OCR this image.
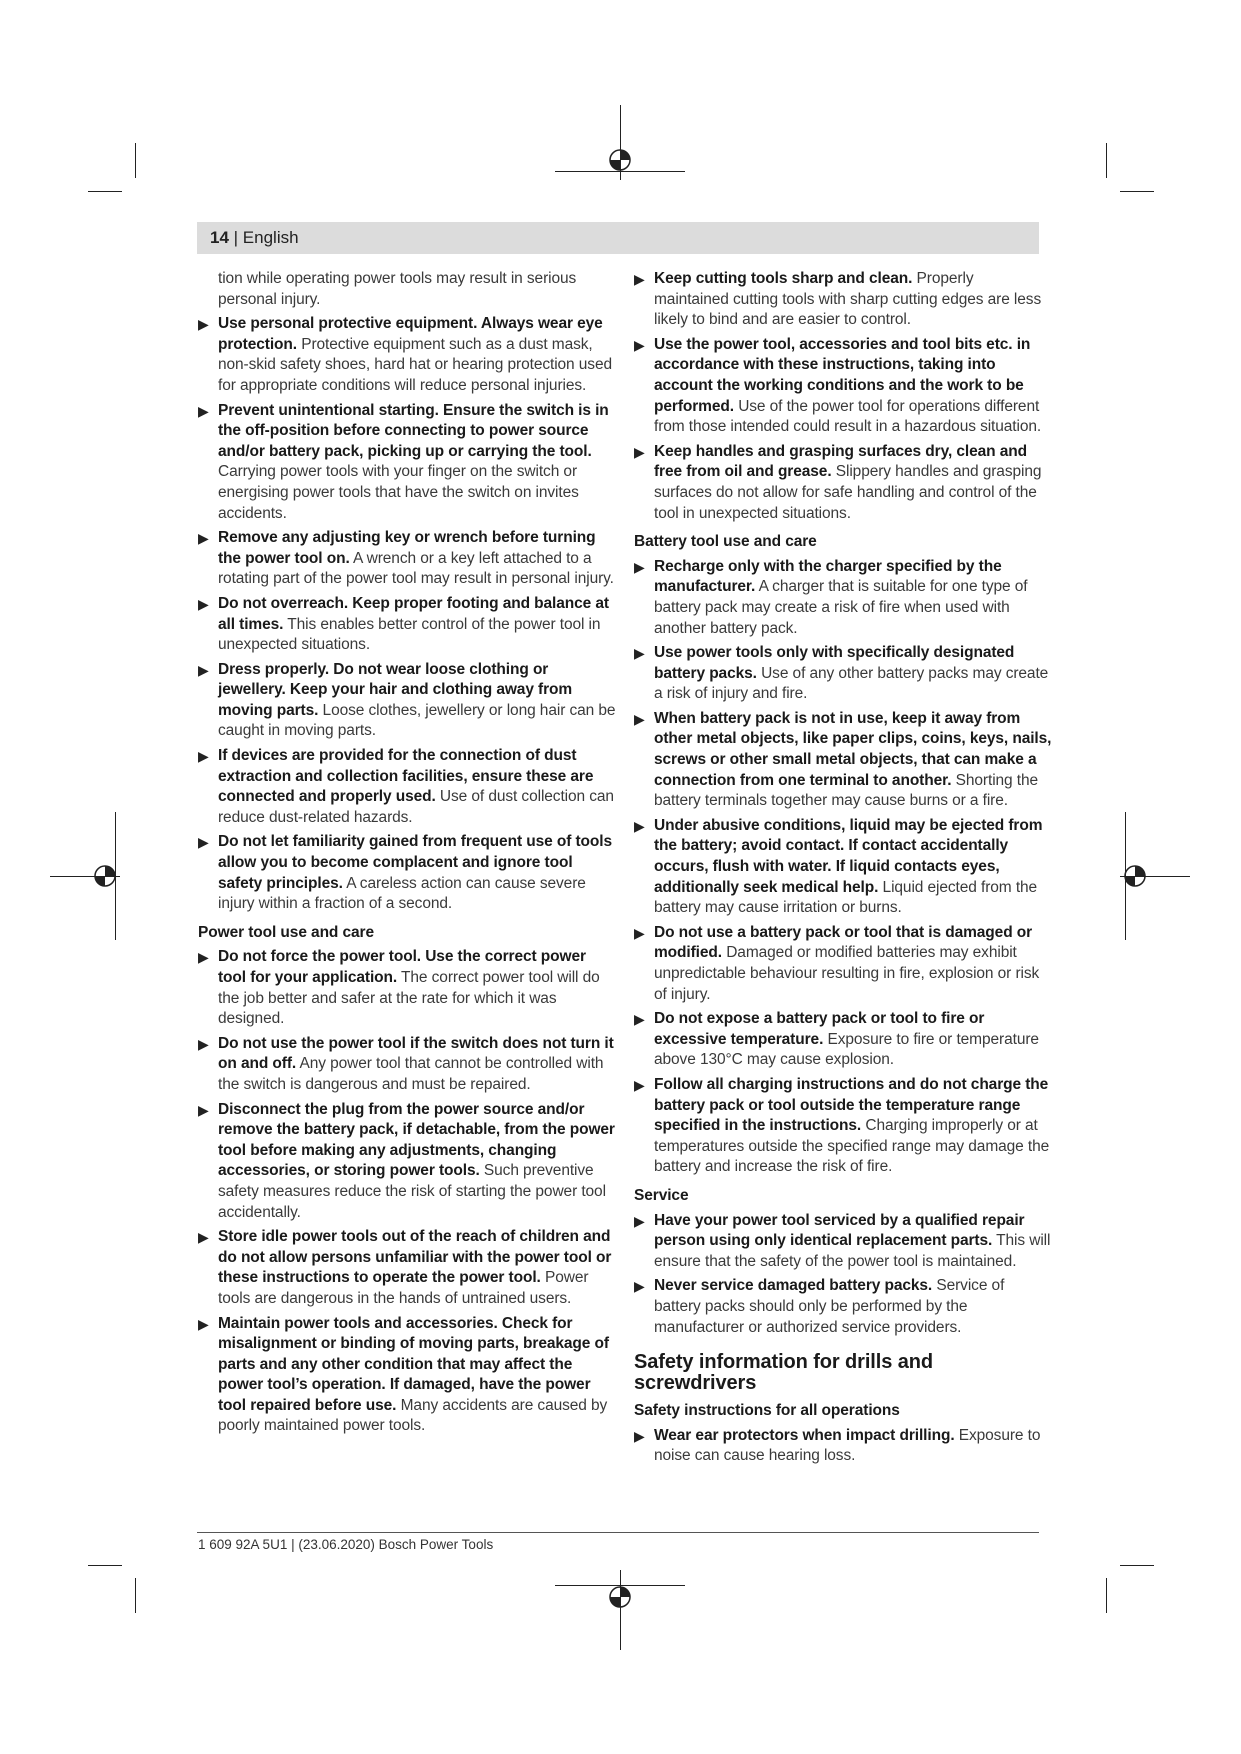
14 | English

tion while operating power tools may result in serious personal injury.

▶ Use personal protective equipment. Always wear eye protection. Protective equipment such as a dust mask, non-skid safety shoes, hard hat or hearing protection used for appropriate conditions will reduce personal injuries.

▶ Prevent unintentional starting. Ensure the switch is in the off-position before connecting to power source and/or battery pack, picking up or carrying the tool. Carrying power tools with your finger on the switch or energising power tools that have the switch on invites accidents.

▶ Remove any adjusting key or wrench before turning the power tool on. A wrench or a key left attached to a rotating part of the power tool may result in personal injury.

▶ Do not overreach. Keep proper footing and balance at all times. This enables better control of the power tool in unexpected situations.

▶ Dress properly. Do not wear loose clothing or jewellery. Keep your hair and clothing away from moving parts. Loose clothes, jewellery or long hair can be caught in moving parts.

▶ If devices are provided for the connection of dust extraction and collection facilities, ensure these are connected and properly used. Use of dust collection can reduce dust-related hazards.

▶ Do not let familiarity gained from frequent use of tools allow you to become complacent and ignore tool safety principles. A careless action can cause severe injury within a fraction of a second.

Power tool use and care

▶ Do not force the power tool. Use the correct power tool for your application. The correct power tool will do the job better and safer at the rate for which it was designed.

▶ Do not use the power tool if the switch does not turn it on and off. Any power tool that cannot be controlled with the switch is dangerous and must be repaired.

▶ Disconnect the plug from the power source and/or remove the battery pack, if detachable, from the power tool before making any adjustments, changing accessories, or storing power tools. Such preventive safety measures reduce the risk of starting the power tool accidentally.

▶ Store idle power tools out of the reach of children and do not allow persons unfamiliar with the power tool or these instructions to operate the power tool. Power tools are dangerous in the hands of untrained users.

▶ Maintain power tools and accessories. Check for misalignment or binding of moving parts, breakage of parts and any other condition that may affect the power tool’s operation. If damaged, have the power tool repaired before use. Many accidents are caused by poorly maintained power tools.

▶ Keep cutting tools sharp and clean. Properly maintained cutting tools with sharp cutting edges are less likely to bind and are easier to control.

▶ Use the power tool, accessories and tool bits etc. in accordance with these instructions, taking into account the working conditions and the work to be performed. Use of the power tool for operations different from those intended could result in a hazardous situation.

▶ Keep handles and grasping surfaces dry, clean and free from oil and grease. Slippery handles and grasping surfaces do not allow for safe handling and control of the tool in unexpected situations.

Battery tool use and care

▶ Recharge only with the charger specified by the manufacturer. A charger that is suitable for one type of battery pack may create a risk of fire when used with another battery pack.

▶ Use power tools only with specifically designated battery packs. Use of any other battery packs may create a risk of injury and fire.

▶ When battery pack is not in use, keep it away from other metal objects, like paper clips, coins, keys, nails, screws or other small metal objects, that can make a connection from one terminal to another. Shorting the battery terminals together may cause burns or a fire.

▶ Under abusive conditions, liquid may be ejected from the battery; avoid contact. If contact accidentally occurs, flush with water. If liquid contacts eyes, additionally seek medical help. Liquid ejected from the battery may cause irritation or burns.

▶ Do not use a battery pack or tool that is damaged or modified. Damaged or modified batteries may exhibit unpredictable behaviour resulting in fire, explosion or risk of injury.

▶ Do not expose a battery pack or tool to fire or excessive temperature. Exposure to fire or temperature above 130°C may cause explosion.

▶ Follow all charging instructions and do not charge the battery pack or tool outside the temperature range specified in the instructions. Charging improperly or at temperatures outside the specified range may damage the battery and increase the risk of fire.

Service

▶ Have your power tool serviced by a qualified repair person using only identical replacement parts. This will ensure that the safety of the power tool is maintained.

▶ Never service damaged battery packs. Service of battery packs should only be performed by the manufacturer or authorized service providers.

Safety information for drills and screwdrivers
Safety instructions for all operations

▶ Wear ear protectors when impact drilling. Exposure to noise can cause hearing loss.

1 609 92A 5U1 | (23.06.2020) Bosch Power Tools
